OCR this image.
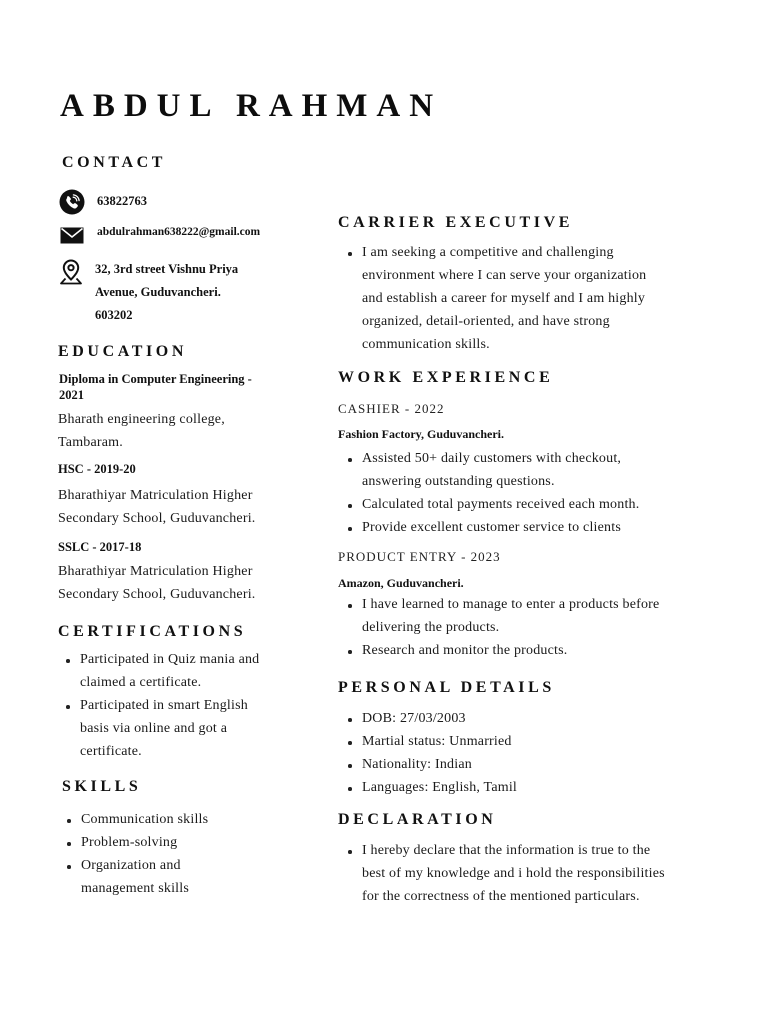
ABDUL RAHMAN
CONTACT
63822763
abdulrahman638222@gmail.com
32, 3rd street Vishnu Priya
Avenue, Guduvancheri.
603202
EDUCATION
Diploma in Computer Engineering -
2021
Bharath engineering college,
Tambaram.
HSC - 2019-20
Bharathiyar Matriculation Higher
Secondary School, Guduvancheri.
SSLC - 2017-18
Bharathiyar Matriculation Higher
Secondary School, Guduvancheri.
CERTIFICATIONS
Participated in Quiz mania and
claimed a certificate.
Participated in smart English
basis via online and got a
certificate.
SKILLS
Communication skills
Problem-solving
Organization and
management skills
CARRIER EXECUTIVE
I am seeking a competitive and challenging
environment where I can serve your organization
and establish a career for myself and I am highly
organized, detail-oriented, and have strong
communication skills.
WORK EXPERIENCE
CASHIER - 2022
Fashion Factory, Guduvancheri.
Assisted 50+ daily customers with checkout,
answering outstanding questions.
Calculated total payments received each month.
Provide excellent customer service to clients
PRODUCT ENTRY - 2023
Amazon, Guduvancheri.
I have learned to manage to enter a products before
delivering the products.
Research and monitor the products.
PERSONAL DETAILS
DOB: 27/03/2003
Martial status: Unmarried
Nationality: Indian
Languages: English, Tamil
DECLARATION
I hereby declare that the information is true to the
best of my knowledge and i hold the responsibilities
for the correctness of the mentioned particulars.
